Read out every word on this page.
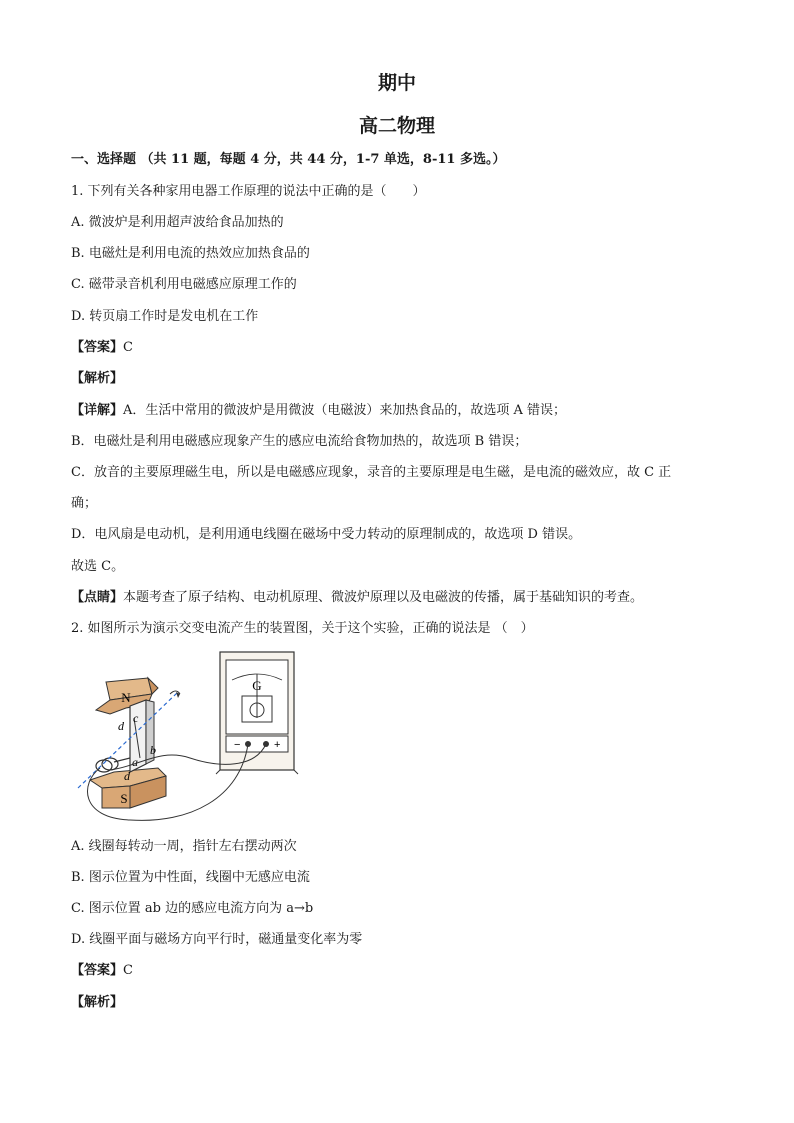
期中
高二物理
一、选择题 （共 11 题，每题 4 分，共 44 分，1-7 单选，8-11 多选。）
1. 下列有关各种家用电器工作原理的说法中正确的是（　　）
A. 微波炉是利用超声波给食品加热的
B. 电磁灶是利用电流的热效应加热食品的
C. 磁带录音机利用电磁感应原理工作的
D. 转页扇工作时是发电机在工作
【答案】C
【解析】
【详解】A．生活中常用的微波炉是用微波（电磁波）来加热食品的，故选项 A 错误；
B．电磁灶是利用电磁感应现象产生的感应电流给食物加热的，故选项 B 错误；
C．放音的主要原理磁生电，所以是电磁感应现象，录音的主要原理是电生磁，是电流的磁效应，故 C 正
确；
D．电风扇是电动机，是利用通电线圈在磁场中受力转动的原理制成的，故选项 D 错误。
故选 C。
【点睛】本题考查了原子结构、电动机原理、微波炉原理以及电磁波的传播，属于基础知识的考查。
2. 如图所示为演示交变电流产生的装置图，关于这个实验，正确的说法是 （　）
N
S
d
c
b
a
d
G
−	+
A. 线圈每转动一周，指针左右摆动两次
B. 图示位置为中性面，线圈中无感应电流
C. 图示位置 ab 边的感应电流方向为 a→b
D. 线圈平面与磁场方向平行时，磁通量变化率为零
【答案】C
【解析】
